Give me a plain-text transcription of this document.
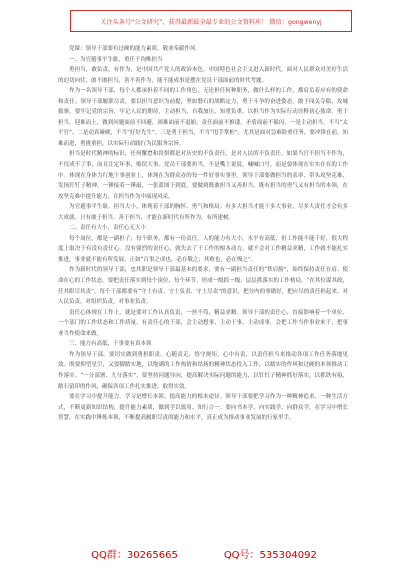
关注头条号“公文研究”，获得最新最全最专业的公文资料库！ 微信：gongwenyj

党课：领导干部要有过硬的能力素质、敬业奉献作风

一、为官避事平生耻，重任千钧唯担当

勇担当，敢负责，有作为，是中国共产党人的政治本色。中国特色社会主义进入新时代，面对人民群众对美好生活的迫切向往，敢不敢担当，善不善作为，能不能成事是摆在党员干部面前的时代考题。

作为一名领导干部，每个人都承担着不同的工作角色，无论担任何种职务，做什么样的工作，都肩负着应有的使命和责任。领导干部履职尽责，要以担当意识为前提，坚如磐石的战略定力，勇于斗争的奋进姿态，敢于闯关夺隘、攻城拔寨。要牢记党的宗旨，牢记人民的期待，主动担当，自我加压，知重负重，以担当作为实际行动诠释初心使命。勇于担当，迎难而上，做到问题面前不回避，困难面前不退缩，责任面前不推诿，矛盾面前不躲闪。一是主动担当，不当“太平官”。二是动真碰硬，不当“好好先生”。三是勇于担当，不当“甩手掌柜”。尤其是面对急难险重任务，要冲锋在前，知难而进，勇挑重担，以实际行动践行为民服务宗旨。

担当是时代精神的标识，任何懈怠和畏惧都是对历史的不负责任，是对人民的不负责任。如果当官不担当不作为，不仅成不了事，而且注定坏事，贻误大事。党员干部要担当，不是嘴上说说、喊喊口号，而是要体现在实实在在的工作中。体现在身体力行地干事创业上，体现在为群众办的每一件好事实事里。领导干部要做担当的表率，带头攻坚克难，发扬钉钉子精神，一锤接着一锤敲，一张蓝图干到底。要做到既敢担当又善担当，既有担当的勇气又有担当的本领，在攻坚克难中提升能力，在担当作为中展现风采。

为官避事平生耻。担当大小，体现着干部的胸怀、勇气和格局；有多大担当才能干多大事业，尽多大责任才会有多大成就。只有敢于担当、善于担当，才能在新时代有所作为，有所建树。

二、责任有大小，责任心无大小

每个岗位，都是一副担子；每个职务，都有一份责任。人的能力有大小，水平有高低，但工作能不能干好，很大程度上取决于有没有责任心。没有强烈的责任心，就失去了干工作的根本动力，就不会对工作精益求精，工作就不能扎实推进，事业就不能有所发展。正如“百事之成也，必在敬之；其败也，必在慢之”。

作为新时代的领导干部，忠其职是领导干部最基本的要求，要有一副担当责任的“铁肩膀”，始终保持责任在肩、使命在心的工作状态。要把责任落实到每个岗位、每个环节，形成一级抓一级、层层抓落实的工作格局。“在其位谋其政，任其职尽其责”，每个干部都要有“守土有责、守土负责、守土尽责”的意识，把分内的事做好，把应尽的责任担起来，对人民负责，对组织负责，对事业负责。

责任心体现在工作上，就是要对工作认真负责，一丝不苟，精益求精。领导干部的责任心，直接影响着一个单位、一个部门的工作状态和工作质量。有责任心的干部，会主动想事、主动干事、主动成事，会把工作当作事业来干，把事业当作使命来做。

三、能力有高低，干事要有真本领

作为领导干部，要切实做到勇担职责、心随责走、恪守规矩，心中有责，以责任担当来推动各项工作任务落地见效。既要仰望星空，又要脚踏实地，以饱满的工作热情和昂扬的精神状态投入工作，以踏实的作风和过硬的本领推动工作落实。“一分部署，九分落实”，要坚持问题导向，提高解决实际问题的能力，以钉钉子精神抓好落实，以抓铁有痕、踏石留印的作风，确保各项工作扎实推进、取得实效。

要在学习中提升能力。学习是增长本领、提高能力的根本途径。领导干部要把学习作为一种精神追求、一种生活方式，不断更新知识结构，提升能力素质，做到学以致用、知行合一。要向书本学、向实践学、向群众学，在学习中增长智慧，在实践中锤炼本领，不断提高履职尽责的能力和水平，真正成为推动事业发展的行家里手。

QQ群：30265665	QQ号：535304092
